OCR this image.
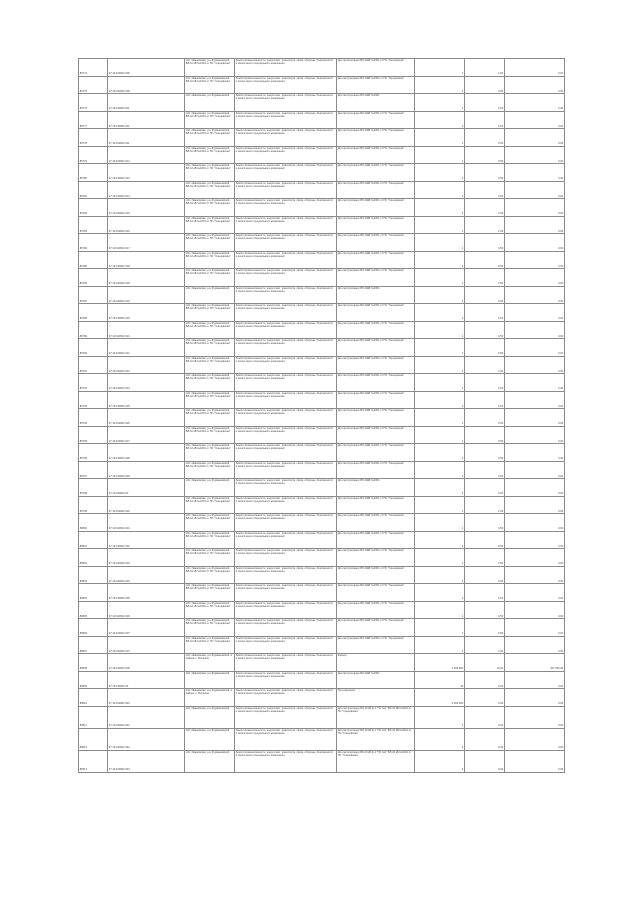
86774	37:19:010901:609	обл. Ивановская, р-н Фурмановский, ВЛ-10 кВ №1001 от ПС "Синцовская"	Земли промышленности, энергетики, транспорта, связи, обороны, безопасности и земли иного специального назначения	Для эксплуатации ВЛ-10кВ №1001 от ПС "Синцовская"	1	2,00	0,00
86775	37:19:010901:609	обл. Ивановская, р-н Фурмановский, ВЛ-10 кВ №1001 от ПС "Синцовская"	Земли промышленности, энергетики, транспорта, связи, обороны, безопасности и земли иного специального назначения	Для эксплуатации ВЛ-10кВ №1001 от ПС "Синцовская"	1	0,50	0,00
86776	37:19:010901:611	обл. Ивановская, р-н Фурмановский	Земли промышленности, энергетики, транспорта, связи, обороны, безопасности и земли иного специального назначения	Для эксплуатации ВЛ-10кВ №1001	1	0,50	0,00
86777	37:19:010901:611	обл. Ивановская, р-н Фурмановский, ВЛ-10 кВ №1001 от ПС "Синцовская"	Земли промышленности, энергетики, транспорта, связи, обороны, безопасности и земли иного специального назначения	Для эксплуатации ВЛ-10кВ №1001 от ПС "Синцовская"	1	0,50	0,00
86778	37:19:010901:611	обл. Ивановская, р-н Фурмановский, ВЛ-10 кВ №1001 от ПС "Синцовская"	Земли промышленности, энергетики, транспорта, связи, обороны, безопасности и земли иного специального назначения	Для эксплуатации ВЛ-10кВ №1001 от ПС "Синцовская"	1	0,50	0,00
86779	37:19:010901:612	обл. Ивановская, р-н Фурмановский, ВЛ-10 кВ №1001 от ПС "Синцовская"	Земли промышленности, энергетики, транспорта, связи, обороны, безопасности и земли иного специального назначения	Для эксплуатации ВЛ-10кВ №1001 от ПС "Синцовская"	1	0,50	0,00
86780	37:19:010901:612	обл. Ивановская, р-н Фурмановский, ВЛ-10 кВ №1001 от ПС "Синцовская"	Земли промышленности, энергетики, транспорта, связи, обороны, безопасности и земли иного специального назначения	Для эксплуатации ВЛ-10кВ №1001 от ПС "Синцовская"	1	0,50	0,00
86781	37:19:010901:614	обл. Ивановская, р-н Фурмановский, ВЛ-10 кВ №1001 от ПС "Синцовская"	Земли промышленности, энергетики, транспорта, связи, обороны, безопасности и земли иного специального назначения	Для эксплуатации ВЛ-10кВ №1001 от ПС "Синцовская"	1	0,50	0,00
86782	37:19:010901:616	обл. Ивановская, р-н Фурмановский, ВЛ-10 кВ №1001 от ПС "Синцовская"	Земли промышленности, энергетики, транспорта, связи, обороны, безопасности и земли иного специального назначения	Для эксплуатации ВЛ-10кВ №1001 от ПС "Синцовская"	1	2,00	0,00
86783	37:19:010901:616	обл. Ивановская, р-н Фурмановский, ВЛ-10 кВ №1001 от ПС "Синцовская"	Земли промышленности, энергетики, транспорта, связи, обороны, безопасности и земли иного специального назначения	Для эксплуатации ВЛ-10кВ №1001 от ПС "Синцовская"	1	2,00	0,00
86784	37:19:010901:617	обл. Ивановская, р-н Фурмановский, ВЛ-10 кВ №1001 от ПС "Синцовская"	Земли промышленности, энергетики, транспорта, связи, обороны, безопасности и земли иного специального назначения	Для эксплуатации ВЛ-10кВ №1001 от ПС "Синцовская"	1	0,50	0,00
86785	37:19:010901:618	обл. Ивановская, р-н Фурмановский, ВЛ-10 кВ №1001 от ПС "Синцовская"	Земли промышленности, энергетики, транспорта, связи, обороны, безопасности и земли иного специального назначения	Для эксплуатации ВЛ-10кВ №1001 от ПС "Синцовская"	1	0,50	0,00
86786	37:19:010901:618	обл. Ивановская, р-н Фурмановский, ВЛ-10 кВ №1001 от ПС "Синцовская"	Земли промышленности, энергетики, транспорта, связи, обороны, безопасности и земли иного специального назначения	Для эксплуатации ВЛ-10кВ №1001 от ПС "Синцовская"	1	0,50	0,00
86787	37:19:010901:619	обл. Ивановская, р-н Фурмановский	Земли промышленности, энергетики, транспорта, связи, обороны, безопасности и земли иного специального назначения	Для эксплуатации ВЛ-10кВ №1001	1	0,50	0,00
86788	37:19:010901:620	обл. Ивановская, р-н Фурмановский, ВЛ-10 кВ №1001 от ПС "Синцовская"	Земли промышленности, энергетики, транспорта, связи, обороны, безопасности и земли иного специального назначения	Для эксплуатации ВЛ-10кВ №1001 от ПС "Синцовская"	1	0,50	0,00
86789	37:19:010901:621	обл. Ивановская, р-н Фурмановский, ВЛ-10 кВ №1001 от ПС "Синцовская"	Земли промышленности, энергетики, транспорта, связи, обороны, безопасности и земли иного специального назначения	Для эксплуатации ВЛ-10кВ №1001 от ПС "Синцовская"	1	0,50	0,00
86790	37:19:010901:621	обл. Ивановская, р-н Фурмановский, ВЛ-10 кВ №1001 от ПС "Синцовская"	Земли промышленности, энергетики, транспорта, связи, обороны, безопасности и земли иного специального назначения	Для эксплуатации ВЛ-10кВ №1001 от ПС "Синцовская"	1	0,50	0,00
86791	37:19:010901:622	обл. Ивановская, р-н Фурмановский, ВЛ-10 кВ №1001 от ПС "Синцовская"	Земли промышленности, энергетики, транспорта, связи, обороны, безопасности и земли иного специального назначения	Для эксплуатации ВЛ-10кВ №1001 от ПС "Синцовская"	1	2,00	0,00
86792	37:19:010901:624	обл. Ивановская, р-н Фурмановский, ВЛ-10 кВ №1001 от ПС "Синцовская"	Земли промышленности, энергетики, транспорта, связи, обороны, безопасности и земли иного специального назначения	Для эксплуатации ВЛ-10кВ №1001 от ПС "Синцовская"	1	0,50	0,00
86793	37:19:010901:625	обл. Ивановская, р-н Фурмановский, ВЛ-10 кВ №1001 от ПС "Синцовская"	Земли промышленности, энергетики, транспорта, связи, обороны, безопасности и земли иного специального назначения	Для эксплуатации ВЛ-10кВ №1001 от ПС "Синцовская"	1	0,50	0,00
86794	37:19:010901:626	обл. Ивановская, р-н Фурмановский, ВЛ-10 кВ №1001 от ПС "Синцовская"	Земли промышленности, энергетики, транспорта, связи, обороны, безопасности и земли иного специального назначения	Для эксплуатации ВЛ-10кВ №1001 от ПС "Синцовская"	1	0,50	0,00
86795	37:19:010901:627	обл. Ивановская, р-н Фурмановский, ВЛ-10 кВ №1001 от ПС "Синцовская"	Земли промышленности, энергетики, транспорта, связи, обороны, безопасности и земли иного специального назначения	Для эксплуатации ВЛ-10кВ №1001 от ПС "Синцовская"	1	0,50	0,00
86796	37:19:010901:628	обл. Ивановская, р-н Фурмановский, ВЛ-10 кВ №1001 от ПС "Синцовская"	Земли промышленности, энергетики, транспорта, связи, обороны, безопасности и земли иного специального назначения	Для эксплуатации ВЛ-10кВ №1001 от ПС "Синцовская"	1	0,50	0,00
86797	37:19:010901:629	обл. Ивановская, р-н Фурмановский, ВЛ-10 кВ №1001 от ПС "Синцовская"	Земли промышленности, энергетики, транспорта, связи, обороны, безопасности и земли иного специального назначения	Для эксплуатации ВЛ-10кВ №1001 от ПС "Синцовская"	1	0,50	0,00
86798	37:19:010901:63	обл. Ивановская, р-н Фурмановский	Земли промышленности, энергетики, транспорта, связи, обороны, безопасности и земли иного специального назначения	Для эксплуатации ВЛ-10кВ №1001	1	0,50	0,00
86799	37:19:010901:630	обл. Ивановская, р-н Фурмановский, ВЛ-10 кВ №1001 от ПС "Синцовская"	Земли промышленности, энергетики, транспорта, связи, обороны, безопасности и земли иного специального назначения	Для эксплуатации ВЛ-10кВ №1001 от ПС "Синцовская"	1	2,00	0,00
86800	37:19:010901:631	обл. Ивановская, р-н Фурмановский, ВЛ-10 кВ №1001 от ПС "Синцовская"	Земли промышленности, энергетики, транспорта, связи, обороны, безопасности и земли иного специального назначения	Для эксплуатации ВЛ-10кВ №1001 от ПС "Синцовская"	1	0,50	0,00
86801	37:19:010901:632	обл. Ивановская, р-н Фурмановский, ВЛ-10 кВ №1001 от ПС "Синцовская"	Земли промышленности, энергетики, транспорта, связи, обороны, безопасности и земли иного специального назначения	Для эксплуатации ВЛ-10кВ №1001 от ПС "Синцовская"	1	0,50	0,00
86802	37:19:010901:633	обл. Ивановская, р-н Фурмановский, ВЛ-10 кВ №1001 от ПС "Синцовская"	Земли промышленности, энергетики, транспорта, связи, обороны, безопасности и земли иного специального назначения	Для эксплуатации ВЛ-10кВ №1001 от ПС "Синцовская"	1	0,50	0,00
86803	37:19:010901:634	обл. Ивановская, р-н Фурмановский, ВЛ-10 кВ №1001 от ПС "Синцовская"	Земли промышленности, энергетики, транспорта, связи, обороны, безопасности и земли иного специального назначения	Для эксплуатации ВЛ-10кВ №1001 от ПС "Синцовская"	1	0,50	0,00
86804	37:19:010901:635	обл. Ивановская, р-н Фурмановский, ВЛ-10 кВ №1001 от ПС "Синцовская"	Земли промышленности, энергетики, транспорта, связи, обороны, безопасности и земли иного специального назначения	Для эксплуатации ВЛ-10кВ №1001 от ПС "Синцовская"	1	0,50	0,00
86805	37:19:010901:636	обл. Ивановская, р-н Фурмановский, ВЛ-10 кВ №1001 от ПС "Синцовская"	Земли промышленности, энергетики, транспорта, связи, обороны, безопасности и земли иного специального назначения	Для эксплуатации ВЛ-10кВ №1001 от ПС "Синцовская"	1	0,50	0,00
86806	37:19:010901:637	обл. Ивановская, р-н Фурмановский, ВЛ-10 кВ №1001 от ПС "Синцовская"	Земли промышленности, энергетики, транспорта, связи, обороны, безопасности и земли иного специального назначения	Для эксплуатации ВЛ-10кВ №1001 от ПС "Синцовская"	1	0,50	0,00
86807	37:19:010901:637	обл. Ивановская, р-н Фурмановский, ВЛ-10 кВ №1001 от ПС "Синцовская"	Земли промышленности, энергетики, транспорта, связи, обороны, безопасности и земли иного специального назначения	Для эксплуатации ВЛ-10кВ №1001 от ПС "Синцовская"	1	2,00	0,00
86808	37:19:010901:638	обл. Ивановская, р-н Фурмановский, в районе с. Иголкино	Земли промышленности, энергетики, транспорта, связи, обороны, безопасности и земли иного специального назначения	Карьер	1 690 802	10,40	427 650,99
86809	37:19:010901:64	обл. Ивановская, р-н Фурмановский	Земли промышленности, энергетики, транспорта, связи, обороны, безопасности и земли иного специального назначения	Для эксплуатации ВЛ-10кВ №1001	10	2,00	0,00
86810	37:19:010901:640	обл. Ивановская, р-н Фурмановский, в районе с. Иголкино	Земли промышленности, энергетики, транспорта, связи, обороны, безопасности и земли иного специального назначения	Под карьером	3 000 000	0,00	0,00
86811	37:19:010901:641	обл. Ивановская, р-н Фурмановский	Земли промышленности, энергетики, транспорта, связи, обороны, безопасности и земли иного специального назначения	Для эксплуатации ВЛ-10 кВ ф.1 "ПС №1" ВЛ-10 кВ №1001 от ПС "Синцовская"	4	0,00	0,00
86812	37:19:010901:642	обл. Ивановская, р-н Фурмановский	Земли промышленности, энергетики, транспорта, связи, обороны, безопасности и земли иного специального назначения	Для эксплуатации ВЛ-10 кВ ф.1 "ПС №1" ВЛ-10 кВ №1001 от ПС "Синцовская"	4	0,00	0,00
86813	37:19:010901:643	обл. Ивановская, р-н Фурмановский	Земли промышленности, энергетики, транспорта, связи, обороны, безопасности и земли иного специального назначения	Для эксплуатации ВЛ-10 кВ ф.1 "ПС №1" ВЛ-10 кВ №1001 от ПС "Синцовская"	4	0,00	0,00
